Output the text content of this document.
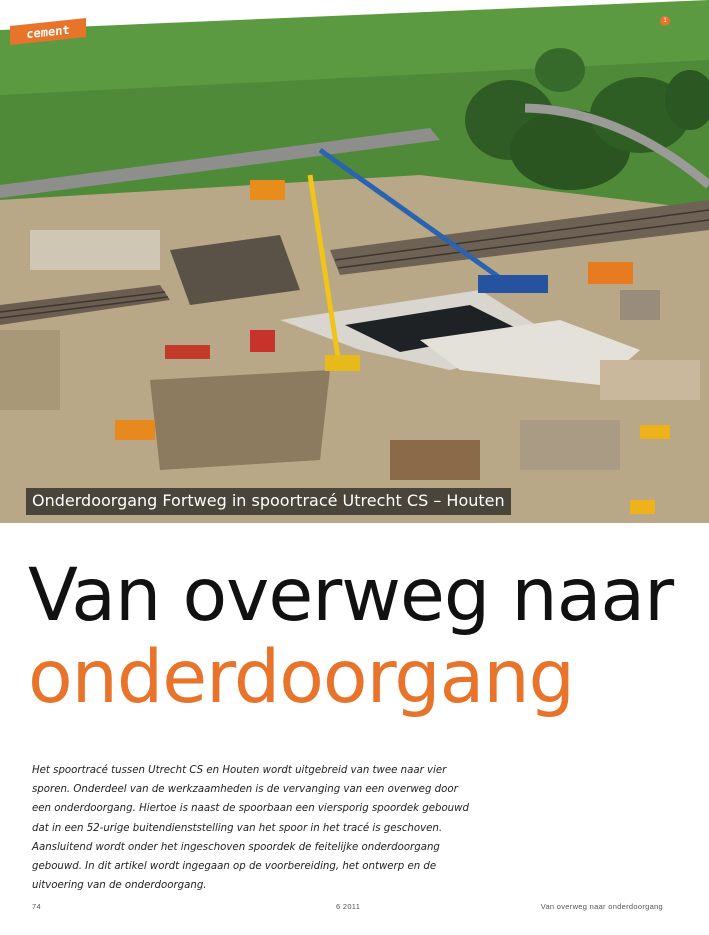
cement
1
Onderdoorgang Fortweg in spoortracé Utrecht CS – Houten
Van overweg naar
onderdoorgang
Het spoortracé tussen Utrecht CS en Houten wordt uitgebreid van twee naar vier sporen. Onderdeel van de werkzaamheden is de vervanging van een overweg door een onderdoorgang. Hiertoe is naast de spoorbaan een viersporig spoordek gebouwd dat in een 52-urige buitendienststelling van het spoor in het tracé is geschoven. Aansluitend wordt onder het ingeschoven spoordek de feitelijke onderdoorgang gebouwd. In dit artikel wordt ingegaan op de voorbereiding, het ontwerp en de uitvoering van de onderdoorgang.
74	6 2011	Van overweg naar onderdoorgang
